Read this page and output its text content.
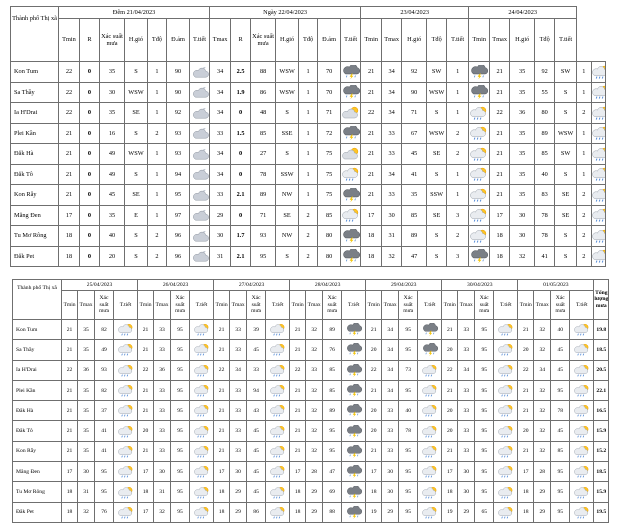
Thành phố Thị xã	Đêm 21/04/2023							Ngày 22/04/2023							23/04/2023					24/04/2023						
	Tmin	R	Xác suất mưa	H.gió	Tđộ	Đ.ảm	T.tiết	Tmax	R	Xác suất mưa	H.gió	Tđộ	Đ.ảm	T.tiết	Tmin	Tmax	H.gió	Tđộ	T.tiết	Tmin	Tmax	H.gió	Tđộ	T.tiết		
Kon Tum	22	0	35	S	1	90		34	2.5	88	WSW	1	70		21	34	92	SW	1		21	35	92	SW	1	

Sa Thầy	22	0	30	WSW	1	90		34	1.9	86	WSW	1	70		21	34	90	WSW	1		21	35	55	S	1	

Ia H'Drai	22	0	35	SE	1	92		34	0	48	S	1	71		22	34	71	S	1		22	36	80	S	2	

Plei Kần	21	0	16	S	2	93		33	1.5	85	SSE	1	72		21	33	67	WSW	2		21	35	89	WSW	1	

Đăk Hà	21	0	49	WSW	1	93		34	0	27	S	1	75		21	33	45	SE	2		21	35	85	SW	1	

Đăk Tô	21	0	49	S	1	94		34	0	78	SSW	1	75		21	34	41	S	1		21	35	40	S	1	

Kon Rẫy	21	0	45	SE	1	95		33	2.1	89	NW	1	75		21	33	35	SSW	1		21	35	83	SE	2	

Măng Đen	17	0	35	E	1	97		29	0	71	SE	2	85		17	30	85	SE	3		17	30	78	SE	2	

Tu Mơ Rông	18	0	40	S	2	96		30	1.7	93	NW	2	80		18	31	89	S	2		18	30	78	S	2	

Đăk Pet	18	0	20	S	2	96		31	2.1	95	S	2	80		18	32	47	S	3		18	32	41	S	2	
Thành phố Thị xã	25/04/2023				26/04/2023				27/04/2023				28/04/2023				29/04/2023				30/04/2023				01/05/2023				Tổng lượng mưa
	Tmin	Tmax	Xác suất mưa	T.tiết	Tmin	Tmax	Xác suất mưa	T.tiết	Tmin	Tmax	Xác suất mưa	T.tiết	Tmin	Tmax	Xác suất mưa	T.tiết	Tmin	Tmax	Xác suất mưa	T.tiết	Tmin	Tmax	Xác suất mưa	T.tiết	Tmin	Tmax	Xác suất mưa	T.tiết	
Kon Tum	21	35	82		21	33	95		21	33	39		21	32	89		21	34	95		21	33	95		21	32	40		19.8
Sa Thầy	21	35	49		21	33	95		21	33	45		21	32	76		20	34	95		20	33	95		20	32	45		18.5
Ia H'Drai	22	36	93		22	36	95		22	34	33		22	33	85		22	34	73		22	34	95		22	34	45		20.5
Plei Kần	21	35	82		21	33	95		21	33	94		21	32	85		21	34	95		21	33	95		21	32	95		22.1
Đăk Hà	21	35	37		21	33	95		21	33	43		21	32	89		20	33	40		20	33	95		21	32	78		16.5
Đăk Tô	21	35	41		20	33	95		21	33	45		21	32	95		20	33	78		20	33	95		20	32	45		15.9
Kon Rẫy	21	35	41		21	33	95		21	33	45		21	32	95		21	33	95		21	33	95		21	32	85		15.2
Măng Đen	17	30	95		17	30	95		17	30	45		17	28	47		17	30	95		17	30	95		17	28	95		18.5
Tu Mơ Rông	18	31	95		18	31	95		18	29	45		18	29	69		18	30	95		18	30	95		18	29	95		15.9
Đăk Pet	18	32	76		17	32	95		18	29	86		18	29	88		19	29	95		19	29	65		18	29	95		19.5
